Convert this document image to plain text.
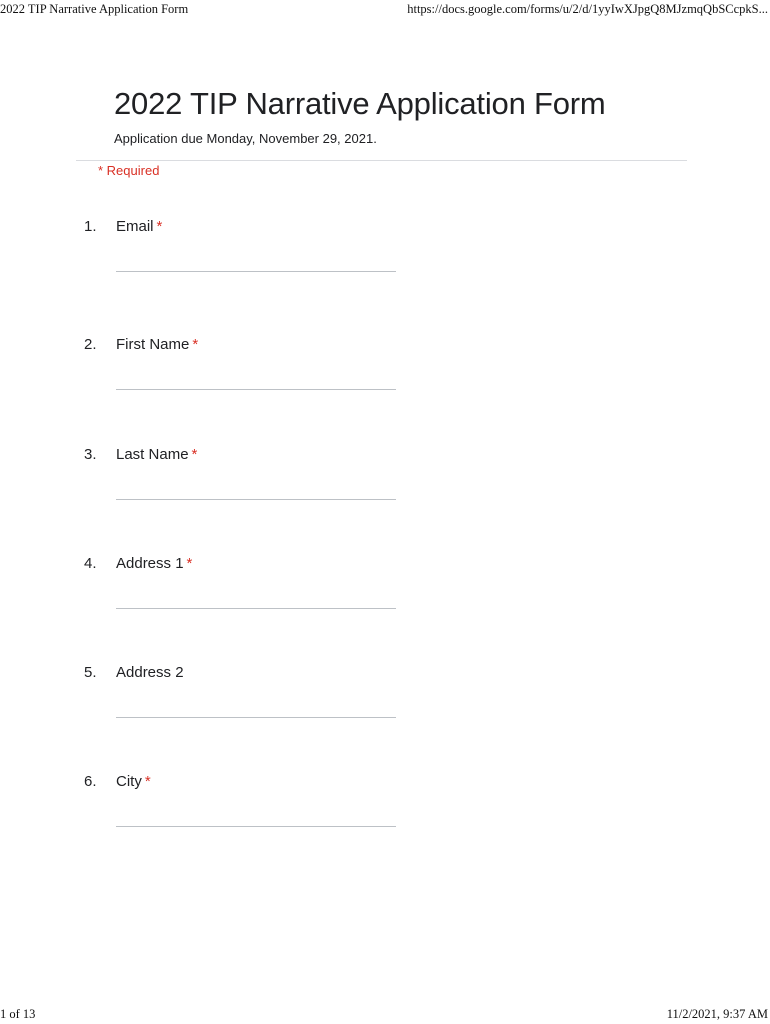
2022 TIP Narrative Application Form	https://docs.google.com/forms/u/2/d/1yyIwXJpgQ8MJzmqQbSCcpkS...
2022 TIP Narrative Application Form
Application due Monday, November 29, 2021.
* Required
1. Email *
2. First Name *
3. Last Name *
4. Address 1 *
5. Address 2
6. City *
1 of 13	11/2/2021, 9:37 AM
